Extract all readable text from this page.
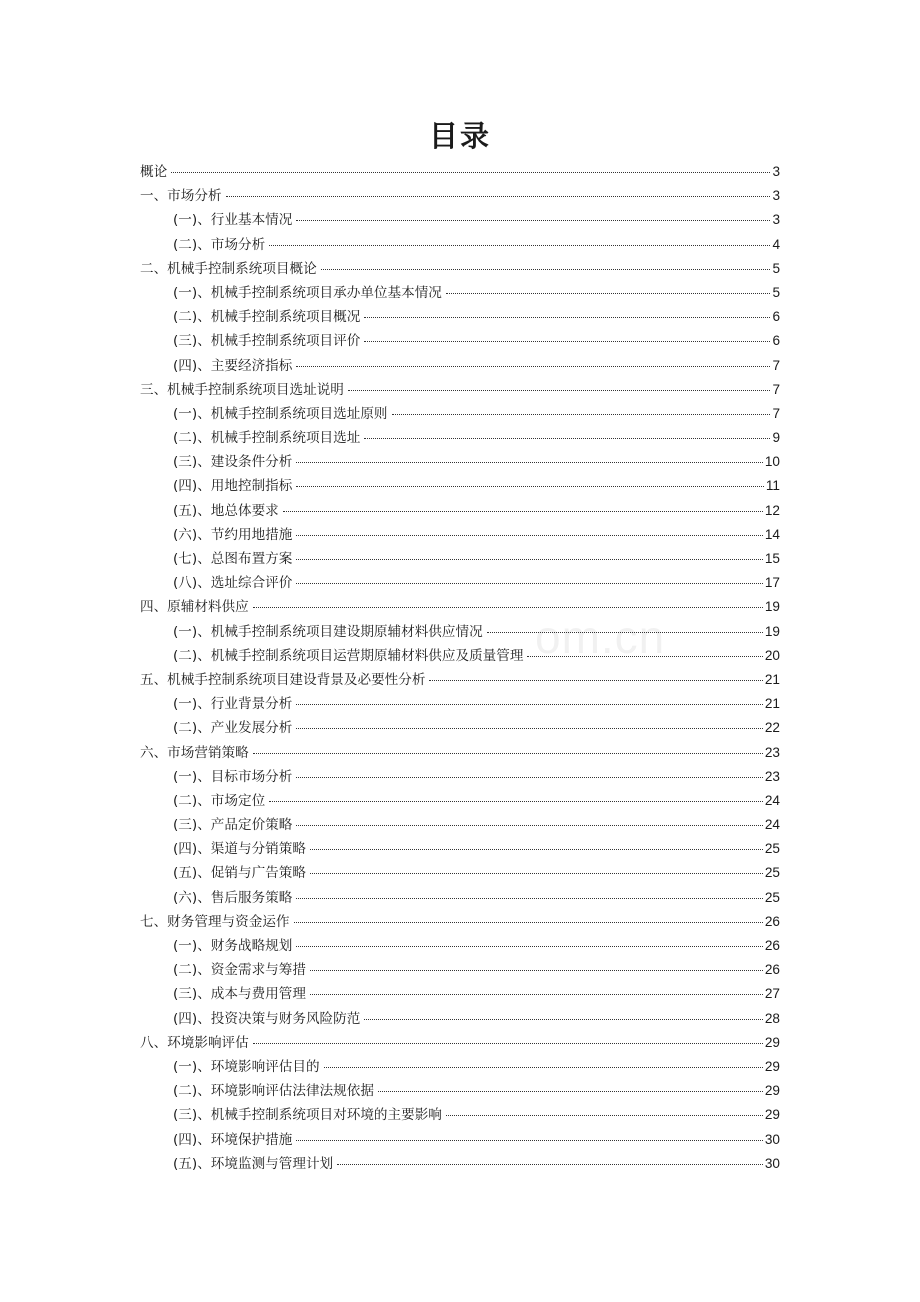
目录
om.cn
概论	3
一、市场分析	3
(一)、行业基本情况	3
(二)、市场分析	4
二、机械手控制系统项目概论	5
(一)、机械手控制系统项目承办单位基本情况	5
(二)、机械手控制系统项目概况	6
(三)、机械手控制系统项目评价	6
(四)、主要经济指标	7
三、机械手控制系统项目选址说明	7
(一)、机械手控制系统项目选址原则	7
(二)、机械手控制系统项目选址	9
(三)、建设条件分析	10
(四)、用地控制指标	11
(五)、地总体要求	12
(六)、节约用地措施	14
(七)、总图布置方案	15
(八)、选址综合评价	17
四、原辅材料供应	19
(一)、机械手控制系统项目建设期原辅材料供应情况	19
(二)、机械手控制系统项目运营期原辅材料供应及质量管理	20
五、机械手控制系统项目建设背景及必要性分析	21
(一)、行业背景分析	21
(二)、产业发展分析	22
六、市场营销策略	23
(一)、目标市场分析	23
(二)、市场定位	24
(三)、产品定价策略	24
(四)、渠道与分销策略	25
(五)、促销与广告策略	25
(六)、售后服务策略	25
七、财务管理与资金运作	26
(一)、财务战略规划	26
(二)、资金需求与筹措	26
(三)、成本与费用管理	27
(四)、投资决策与财务风险防范	28
八、环境影响评估	29
(一)、环境影响评估目的	29
(二)、环境影响评估法律法规依据	29
(三)、机械手控制系统项目对环境的主要影响	29
(四)、环境保护措施	30
(五)、环境监测与管理计划	30
